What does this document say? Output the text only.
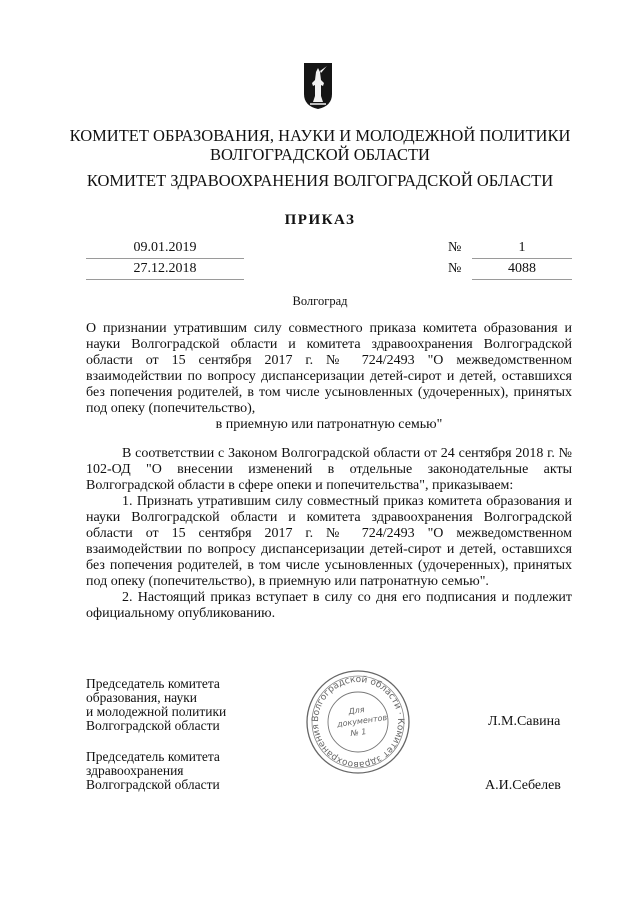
КОМИТЕТ ОБРАЗОВАНИЯ, НАУКИ И МОЛОДЕЖНОЙ ПОЛИТИКИ
ВОЛГОГРАДСКОЙ ОБЛАСТИ
КОМИТЕТ ЗДРАВООХРАНЕНИЯ ВОЛГОГРАДСКОЙ ОБЛАСТИ
ПРИКАЗ
09.01.2019	№	1
27.12.2018	№	4088
Волгоград
О признании утратившим силу совместного приказа комитета образования и науки Волгоградской области и комитета здравоохранения Волгоградской области от 15 сентября 2017 г. № 724/2493 "О межведомственном взаимодействии по вопросу диспансеризации детей-сирот и детей, оставшихся без попечения родителей, в том числе усыновленных (удочеренных), принятых под опеку (попечительство),
в приемную или патронатную семью"

В соответствии с Законом Волгоградской области от 24 сентября 2018 г. № 102-ОД "О внесении изменений в отдельные законодательные акты Волгоградской области в сфере опеки и попечительства", приказываем:

1. Признать утратившим силу совместный приказ комитета образования и науки Волгоградской области и комитета здравоохранения Волгоградской области от 15 сентября 2017 г. № 724/2493 "О межведомственном взаимодействии по вопросу диспансеризации детей-сирот и детей, оставшихся без попечения родителей, в том числе усыновленных (удочеренных), принятых под опеку (попечительство), в приемную или патронатную семью".

2. Настоящий приказ вступает в силу со дня его подписания и подлежит официальному опубликованию.

Председатель комитета
образования, науки
и молодежной политики
Волгоградской области	Л.М.Савина
Волгоградской области · Комитет здравоохранения
Для
документов
№ 1
Председатель комитета
здравоохранения
Волгоградской области	А.И.Себелев
